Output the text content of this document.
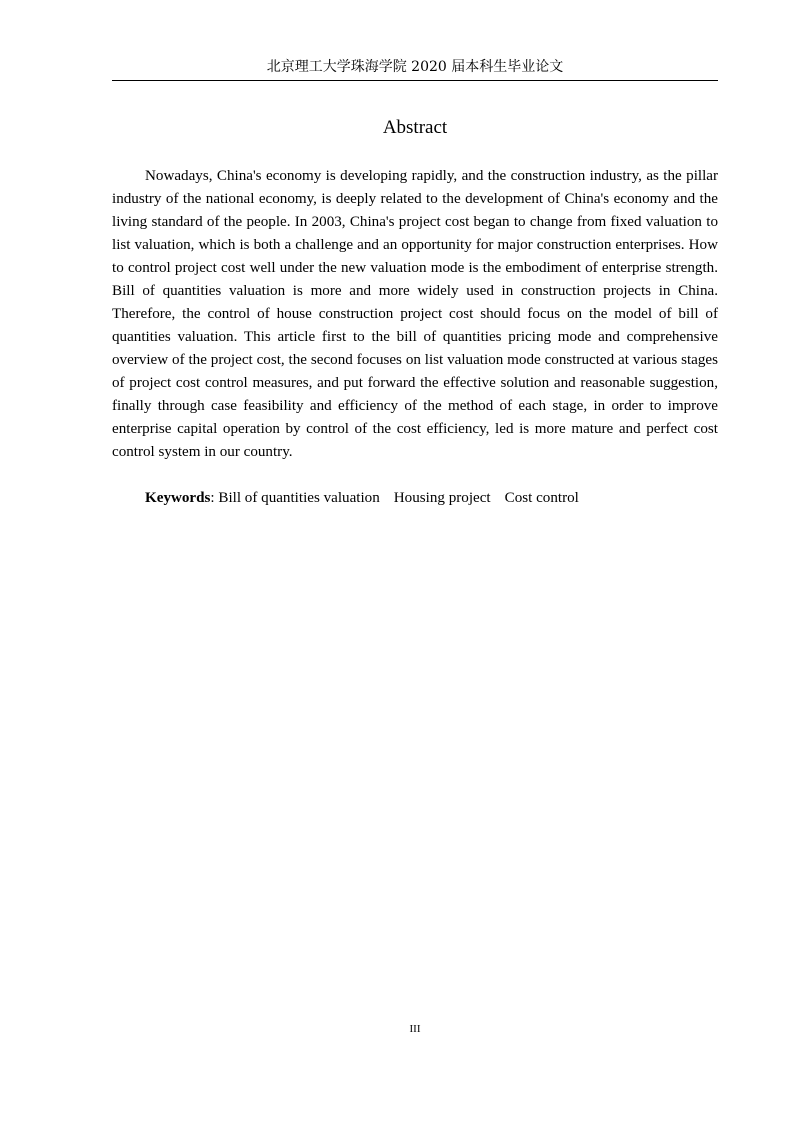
北京理工大学珠海学院 2020 届本科生毕业论文
Abstract

Nowadays, China's economy is developing rapidly, and the construction industry, as the pillar industry of the national economy, is deeply related to the development of China's economy and the living standard of the people. In 2003, China's project cost began to change from fixed valuation to list valuation, which is both a challenge and an opportunity for major construction enterprises. How to control project cost well under the new valuation mode is the embodiment of enterprise strength. Bill of quantities valuation is more and more widely used in construction projects in China. Therefore, the control of house construction project cost should focus on the model of bill of quantities valuation. This article first to the bill of quantities pricing mode and comprehensive overview of the project cost, the second focuses on list valuation mode constructed at various stages of project cost control measures, and put forward the effective solution and reasonable suggestion, finally through case feasibility and efficiency of the method of each stage, in order to improve enterprise capital operation by control of the cost efficiency, led is more mature and perfect cost control system in our country.

Keywords: Bill of quantities valuation Housing project Cost control

III
